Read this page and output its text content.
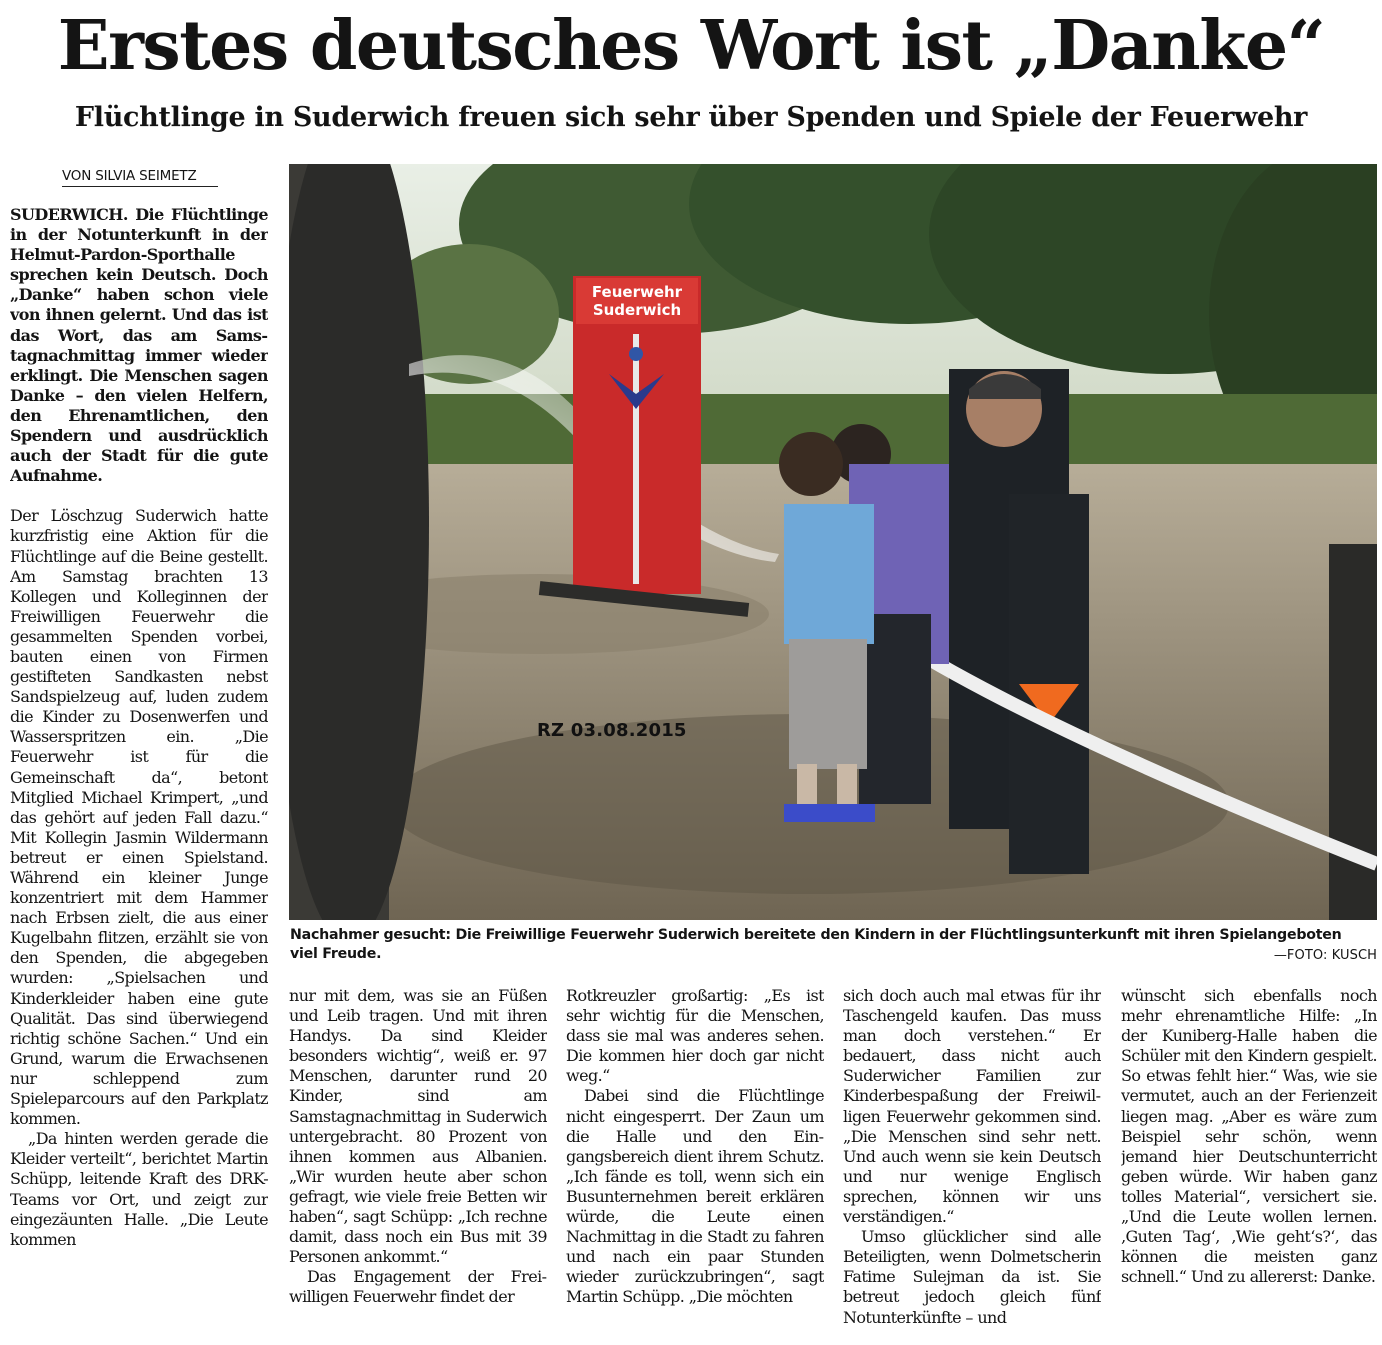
Erstes deutsches Wort ist „Danke“
Flüchtlinge in Suderwich freuen sich sehr über Spenden und Spiele der Feuerwehr
VON SILVIA SEIMETZ

SUDERWICH. Die Flüchtlinge in der Notunterkunft in der Helmut-Pardon-Sporthalle sprechen kein Deutsch. Doch „Danke“ haben schon viele von ihnen gelernt. Und das ist das Wort, das am Samstagnachmittag immer wieder erklingt. Die Menschen sagen Danke – den vielen Helfern, den Ehrenamtlichen, den Spendern und ausdrücklich auch der Stadt für die gute Aufnahme.

Der Löschzug Suderwich hatte kurzfristig eine Aktion für die Flüchtlinge auf die Beine gestellt. Am Samstag brachten 13 Kollegen und Kolleginnen der Freiwilligen Feuerwehr die gesammelten Spenden vorbei, bauten einen von Firmen gestifteten Sandkasten nebst Sandspielzeug auf, luden zudem die Kinder zu Dosenwerfen und Wasserspritzen ein. „Die Feuerwehr ist für die Gemeinschaft da“, betont Mitglied Michael Krimpert, „und das gehört auf jeden Fall dazu.“ Mit Kollegin Jasmin Wildermann betreut er einen Spielstand. Während ein kleiner Junge konzentriert mit dem Hammer nach Erbsen zielt, die aus einer Kugelbahn flitzen, erzählt sie von den Spenden, die abgegeben wurden: „Spielsachen und Kinderkleider haben eine gute Qualität. Das sind überwiegend richtig schöne Sachen.“ Und ein Grund, warum die Erwachsenen nur schleppend zum Spieleparcours auf den Parkplatz kommen.

„Da hinten werden gerade die Kleider verteilt“, berichtet Martin Schüpp, leitende Kraft des DRK-Teams vor Ort, und zeigt zur eingezäunten Halle. „Die Leute kommen

Feuerwehr
Suderwich
RZ 03.08.2015

Nachahmer gesucht: Die Freiwillige Feuerwehr Suderwich bereitete den Kindern in der Flüchtlingsunterkunft mit ihren Spielangeboten viel Freude.	—FOTO: KUSCH

nur mit dem, was sie an Füßen und Leib tragen. Und mit ihren Handys. Da sind Kleider besonders wichtig“, weiß er. 97 Menschen, darunter rund 20 Kinder, sind am Samstagnachmittag in Suderwich untergebracht. 80 Prozent von ihnen kommen aus Albanien. „Wir wurden heute aber schon gefragt, wie viele freie Betten wir haben“, sagt Schüpp: „Ich rechne damit, dass noch ein Bus mit 39 Personen ankommt.“

Das Engagement der Freiwilligen Feuerwehr findet der

Rotkreuzler großartig: „Es ist sehr wichtig für die Menschen, dass sie mal was anderes sehen. Die kommen hier doch gar nicht weg.“

Dabei sind die Flüchtlinge nicht eingesperrt. Der Zaun um die Halle und den Eingangsbereich dient ihrem Schutz. „Ich fände es toll, wenn sich ein Busunternehmen bereit erklären würde, die Leute einen Nachmittag in die Stadt zu fahren und nach ein paar Stunden wieder zurückzubringen“, sagt Martin Schüpp. „Die möchten

sich doch auch mal etwas für ihr Taschengeld kaufen. Das muss man doch verstehen.“ Er bedauert, dass nicht auch Suderwicher Familien zur Kinderbespaßung der Freiwilligen Feuerwehr gekommen sind. „Die Menschen sind sehr nett. Und auch wenn sie kein Deutsch und nur wenige Englisch sprechen, können wir uns verständigen.“

Umso glücklicher sind alle Beteiligten, wenn Dolmetscherin Fatime Sulejman da ist. Sie betreut jedoch gleich fünf Notunterkünfte – und

wünscht sich ebenfalls noch mehr ehrenamtliche Hilfe: „In der Kuniberg-Halle haben die Schüler mit den Kindern gespielt. So etwas fehlt hier.“ Was, wie sie vermutet, auch an der Ferienzeit liegen mag. „Aber es wäre zum Beispiel sehr schön, wenn jemand hier Deutschunterricht geben würde. Wir haben ganz tolles Material“, versichert sie. „Und die Leute wollen lernen. ‚Guten Tag‘, ‚Wie geht‘s?‘, das können die meisten ganz schnell.“ Und zu allererst: Danke.
